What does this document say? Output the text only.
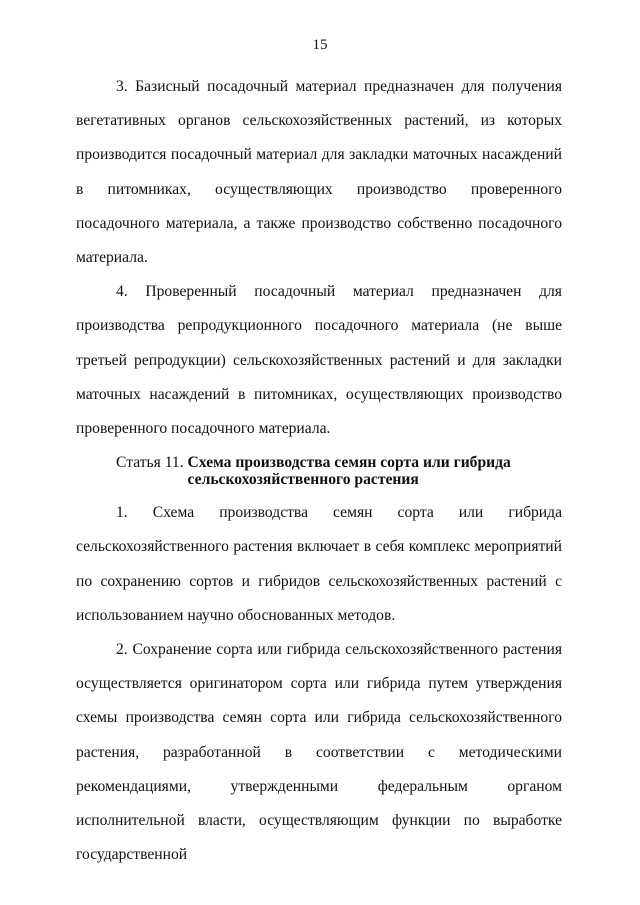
15

3. Базисный посадочный материал предназначен для получения вегетативных органов сельскохозяйственных растений, из которых производится посадочный материал для закладки маточных насаждений в питомниках, осуществляющих производство проверенного посадочного материала, а также производство собственно посадочного материала.

4. Проверенный посадочный материал предназначен для производства репродукционного посадочного материала (не выше третьей репродукции) сельскохозяйственных растений и для закладки маточных насаждений в питомниках, осуществляющих производство проверенного посадочного материала.

Статья 11. Схема производства семян сорта или гибрида сельскохозяйственного растения

1. Схема производства семян сорта или гибрида сельскохозяйственного растения включает в себя комплекс мероприятий по сохранению сортов и гибридов сельскохозяйственных растений с использованием научно обоснованных методов.

2. Сохранение сорта или гибрида сельскохозяйственного растения осуществляется оригинатором сорта или гибрида путем утверждения схемы производства семян сорта или гибрида сельскохозяйственного растения, разработанной в соответствии с методическими рекомендациями, утвержденными федеральным органом исполнительной власти, осуществляющим функции по выработке государственной
